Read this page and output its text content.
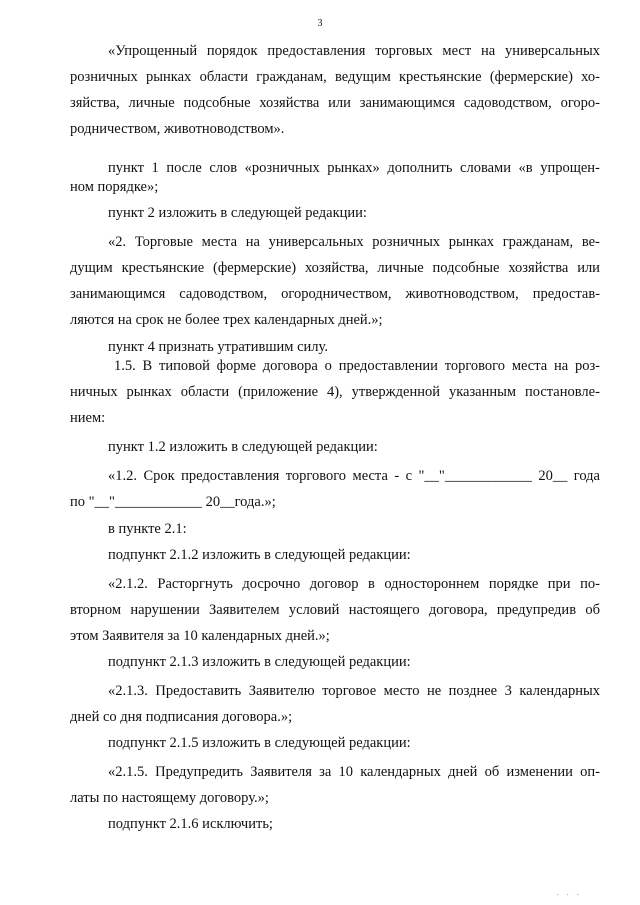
3
«Упрощенный порядок предоставления торговых мест на универсальных
розничных рынках области гражданам, ведущим крестьянские (фермерские) хо-
зяйства, личные подсобные хозяйства или занимающимся садоводством, огоро-
родничеством, животноводством».
пункт 1 после слов «розничных рынках» дополнить словами «в упрощен-
ном порядке»;
пункт 2 изложить в следующей редакции:
«2. Торговые места на универсальных розничных рынках гражданам, ве-
дущим крестьянские (фермерские) хозяйства, личные подсобные хозяйства или
занимающимся садоводством, огородничеством, животноводством, предостав-
ляются на срок не более трех календарных дней.»;
пункт 4 признать утратившим силу.
1.5. В типовой форме договора о предоставлении торгового места на роз-
ничных рынках области (приложение 4), утвержденной указанным постановле-
нием:
пункт 1.2 изложить в следующей редакции:
«1.2. Срок предоставления торгового места - с "__"____________ 20__ года
по "__"____________ 20__года.»;
в пункте 2.1:
подпункт 2.1.2 изложить в следующей редакции:
«2.1.2. Расторгнуть досрочно договор в одностороннем порядке при по-
вторном нарушении Заявителем условий настоящего договора, предупредив об
этом Заявителя за 10 календарных дней.»;
подпункт 2.1.3 изложить в следующей редакции:
«2.1.3. Предоставить Заявителю торговое место не позднее 3 календарных
дней со дня подписания договора.»;
подпункт 2.1.5 изложить в следующей редакции:
«2.1.5. Предупредить Заявителя за 10 календарных дней об изменении оп-
латы по настоящему договору.»;
подпункт 2.1.6 исключить;
· · ·
